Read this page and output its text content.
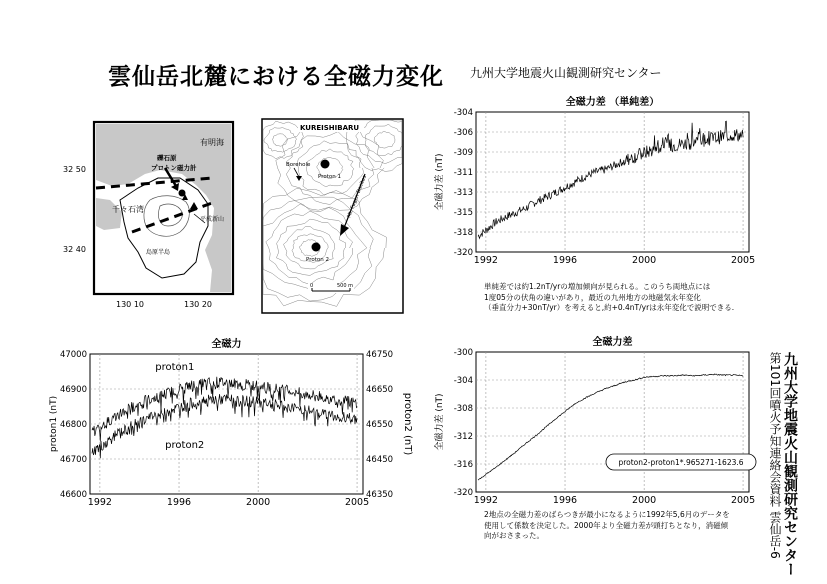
雲仙岳北麓における全磁力変化 九州大学地震火山観測研究センター
有明海
千々石湾
平成新山
島原半島
礫石原
プロトン磁力計
32 50
32 40
130 10	130 20
KUREISHIBARU
Borehole
Proton 1
Proton 2
Mt. Fugen Dacites
0	500 m
1992	1996	2000	2005
-304
-306
-309
-311
-313
-315
-318
-320
全磁力差 （単純差）
全磁力差 (nT)
1992	1996	2000	2005
47000
46900
46800
46700
46600
46750
46650
46550
46450
46350
全磁力
proton1 (nT)	proton2 (nT)
proton1
proton2
1992	1996	2000	2005
-300
-304
-308
-312
-316
-320
全磁力差
全磁力差 (nT)
proton2-proton1*.965271-1623.6
単純差では約1.2nT/yrの増加傾向が見られる。このうち両地点には
1度05分の伏角の違いがあり，最近の九州地方の地磁気永年変化
（垂直分力+30nT/yr）を考えると,約+0.4nT/yrは永年変化で説明できる.
2地点の全磁力差のばらつきが最小になるように1992年5,6月のデータを
使用して係数を決定した。2000年より全磁力差が頭打ちとなり，消磁傾
向がおさまった。	九州大学地震火山観測研究センター
第101回噴火予知連絡会資料 雲仙岳-6
